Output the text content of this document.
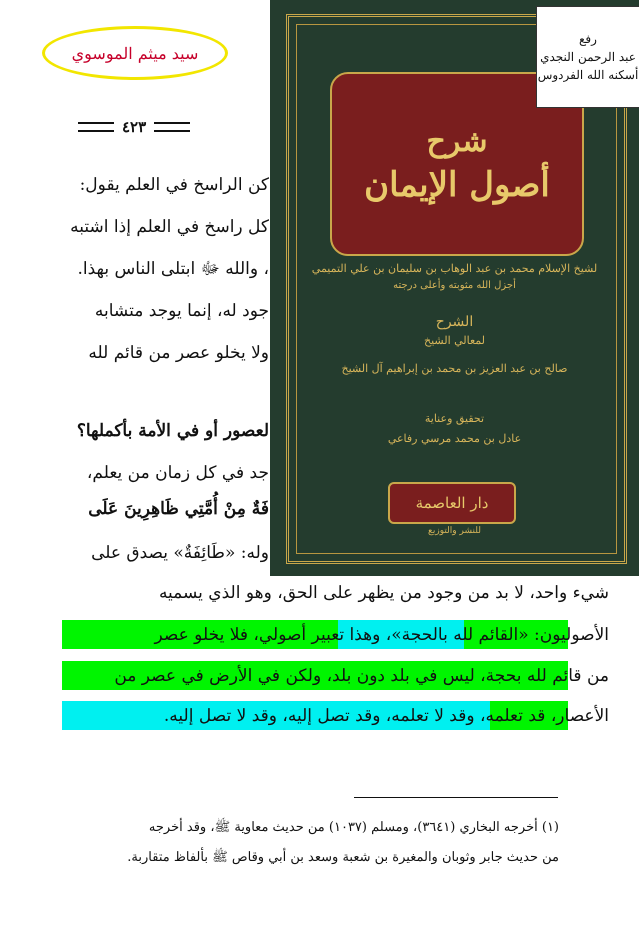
سيد ميثم الموسوي
٤٢٣
كن الراسخ في العلم يقول:
كل راسخ في العلم إذا اشتبه
، والله ﷻ ابتلى الناس بهذا.
جود له، إنما يوجد متشابه
ولا يخلو عصر من قائم لله
لعصور أو في الأمة بأكملها؟
جد في كل زمان من يعلم،
فَةٌ مِنْ أُمَّتِي ظَاهِرِينَ عَلَى
وله: «طَائِفَةٌ» يصدق على
شيء واحد، لا بد من وجود من يظهر على الحق، وهو الذي يسميه
الأصوليون: «القائم لله بالحجة»، وهذا تعبير أصولي، فلا يخلو عصر
من قائم لله بحجة، ليس في بلد دون بلد، ولكن في الأرض في عصر من
الأعصار، قد تعلمه، وقد لا تعلمه، وقد تصل إليه، وقد لا تصل إليه.
(١) أخرجه البخاري (٣٦٤١)، ومسلم (١٠٣٧) من حديث معاوية ﷺ، وقد أخرجه
من حديث جابر وثوبان والمغيرة بن شعبة وسعد بن أبي وقاص ﷺ بألفاظ متقاربة.
شرح
أصول الإيمان
لشيخ الإسلام محمد بن عبد الوهاب بن سليمان بن علي التميمي
أجزل الله مثوبته وأعلى درجته
الشرح
لمعالي الشيخ
صالح بن عبد العزيز بن محمد بن إبراهيم آل الشيخ
تحقيق وعناية
عادل بن محمد مرسي رفاعي
دار العاصمة
للنشر والتوزيع
رفع
عبد الرحمن النجدي
أسكنه الله الفردوس
